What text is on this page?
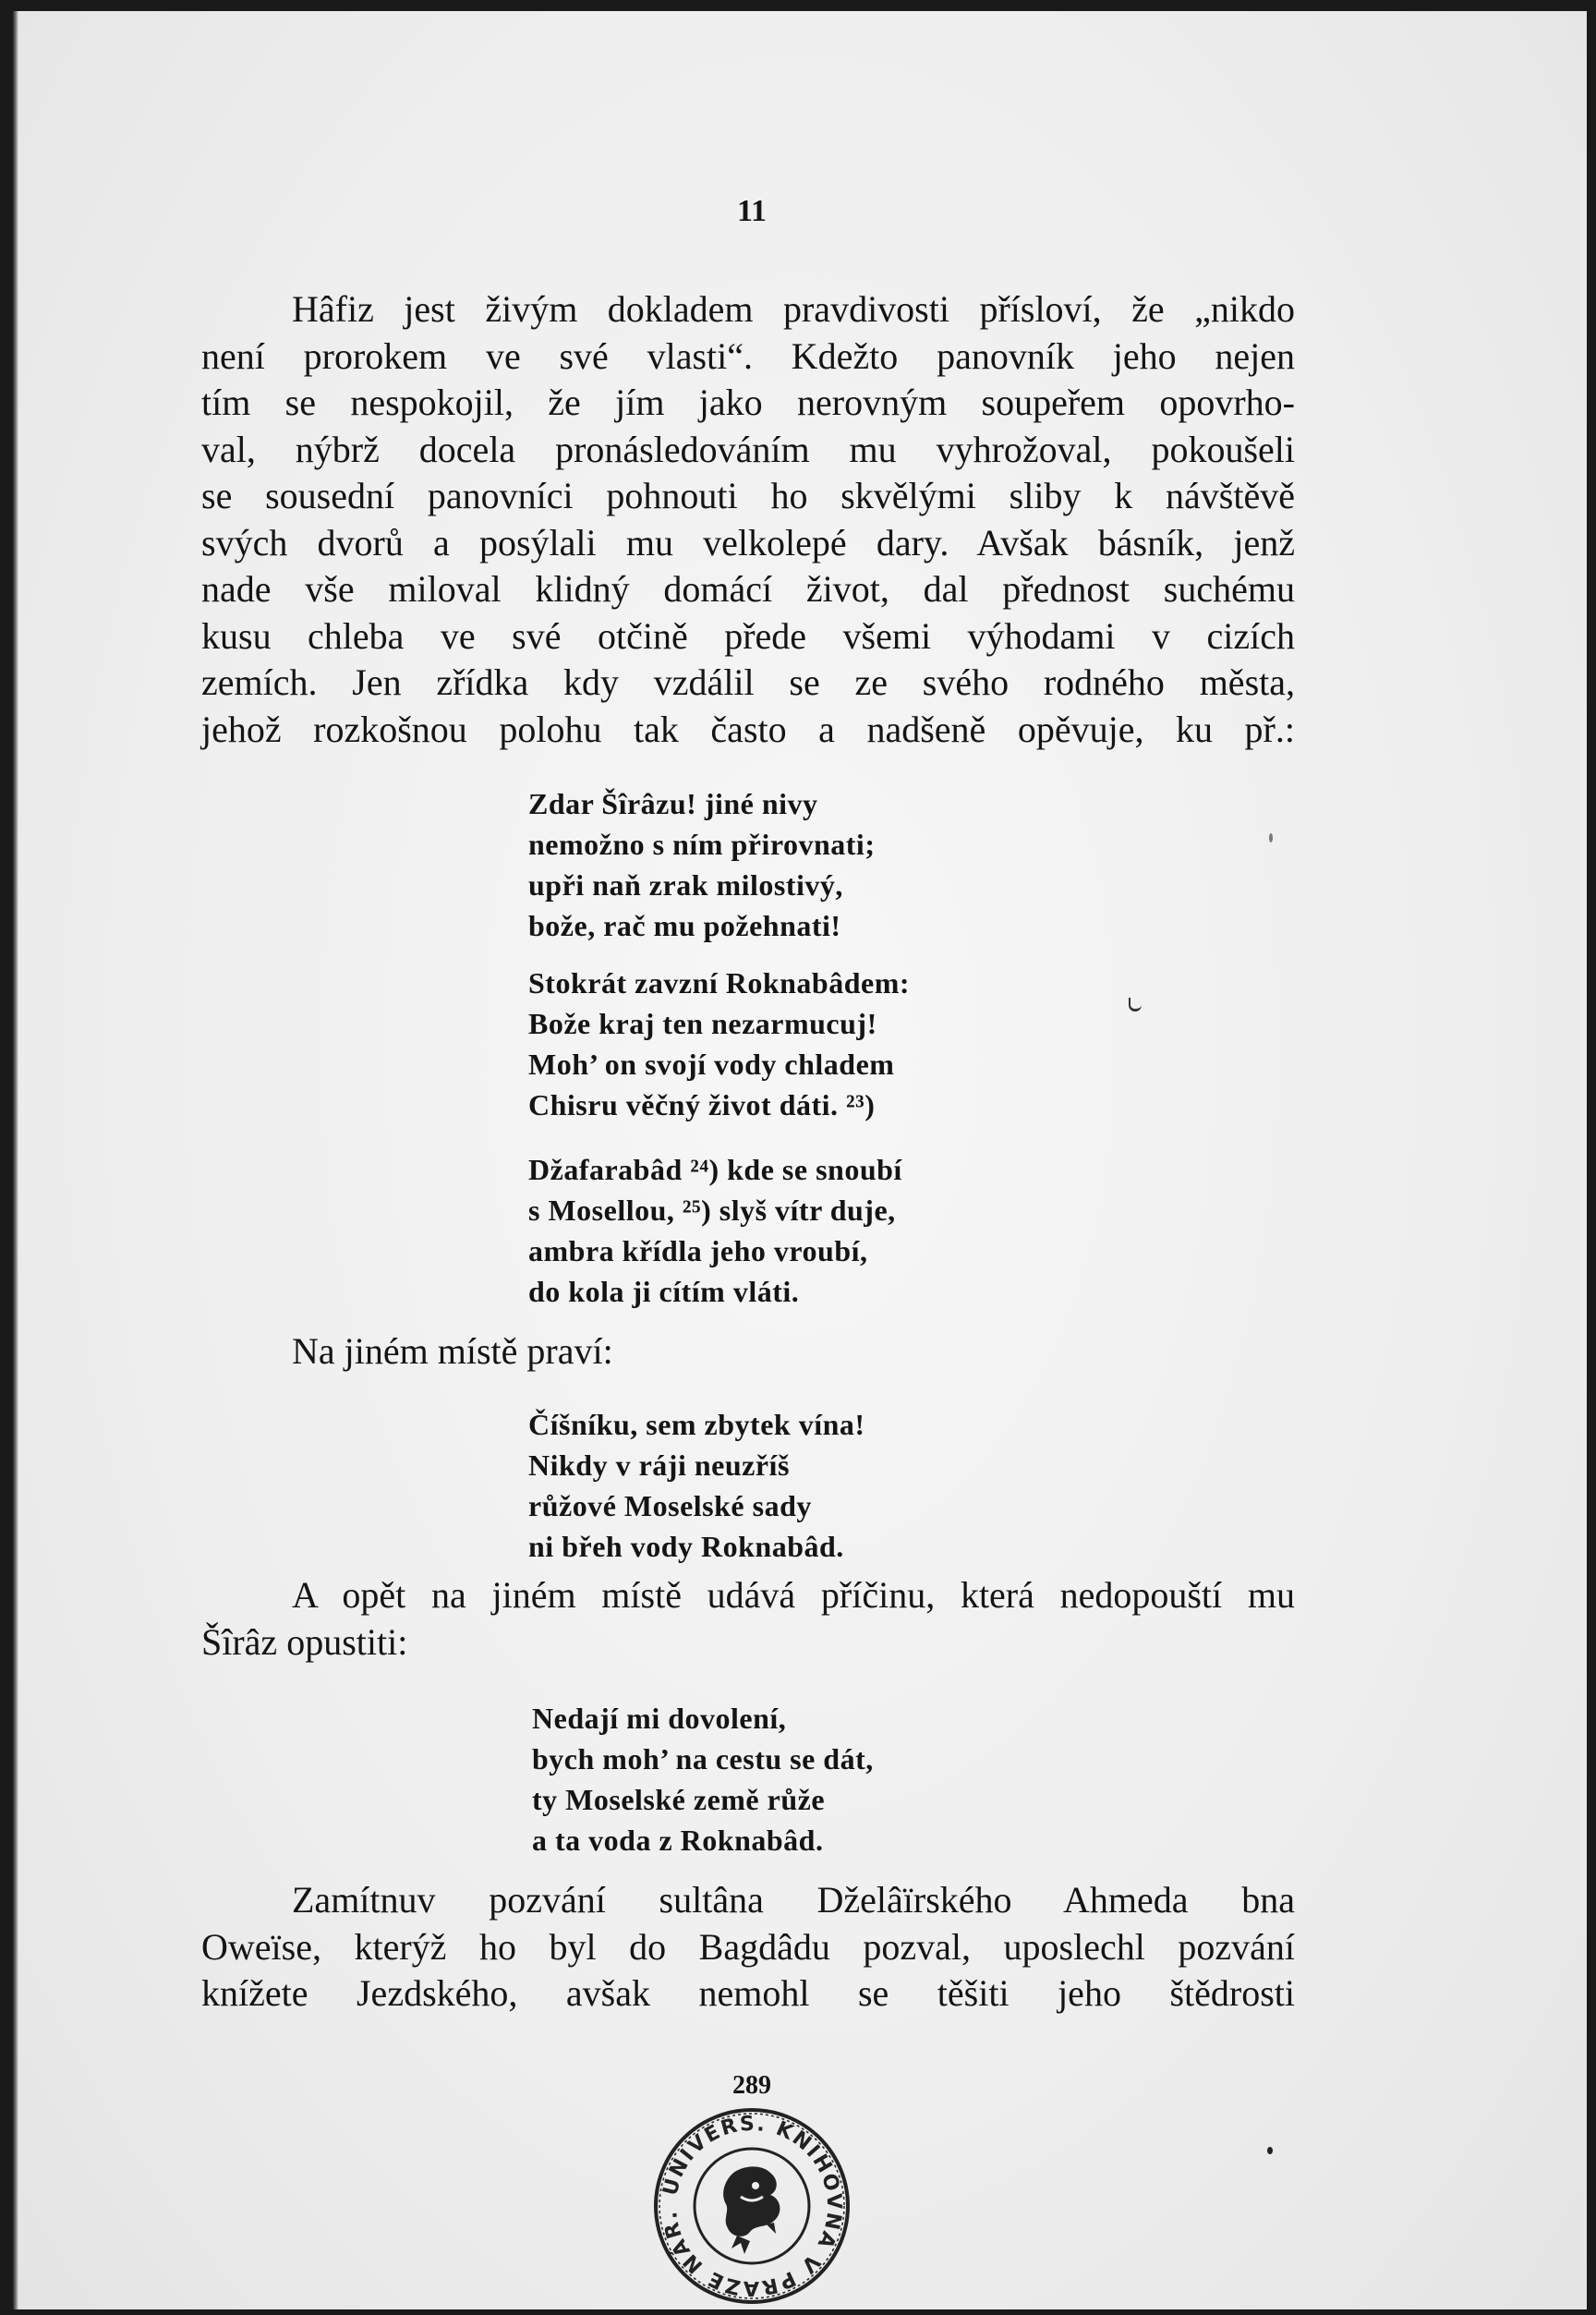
11
Hâfiz jest živým dokladem pravdivosti přísloví, že „nikdo
není prorokem ve své vlasti“. Kdežto panovník jeho nejen
tím se nespokojil, že jím jako nerovným soupeřem opovrho-
val, nýbrž docela pronásledováním mu vyhrožoval, pokoušeli
se sousední panovníci pohnouti ho skvělými sliby k návštěvě
svých dvorů a posýlali mu velkolepé dary. Avšak básník, jenž
nade vše miloval klidný domácí život, dal přednost suchému
kusu chleba ve své otčině přede všemi výhodami v cizích
zemích. Jen zřídka kdy vzdálil se ze svého rodného města,
jehož rozkošnou polohu tak často a nadšeně opěvuje, ku př.:
Zdar Šîrâzu! jiné nivy
nemožno s ním přirovnati;
upři naň zrak milostivý,
bože, rač mu požehnati!
Stokrát zavzní Roknabâdem:
Bože kraj ten nezarmucuj!
Moh’ on svojí vody chladem
Chisru věčný život dáti. ²³)
Džafarabâd ²⁴) kde se snoubí
s Mosellou, ²⁵) slyš vítr duje,
ambra křídla jeho vroubí,
do kola ji cítím vláti.
Na jiném místě praví:
Číšníku, sem zbytek vína!
Nikdy v ráji neuzříš
růžové Moselské sady
ni břeh vody Roknabâd.
A opět na jiném místě udává příčinu, která nedopouští mu
Šîrâz opustiti:
Nedají mi dovolení,
bych moh’ na cestu se dát,
ty Moselské země růže
a ta voda z Roknabâd.
Zamítnuv pozvání sultâna Dželâïrského Ahmeda bna
Oweïse, kterýž ho byl do Bagdâdu pozval, uposlechl pozvání
knížete Jezdského, avšak nemohl se těšiti jeho štědrosti
289
UNIVERS. KNIHOVNA V PRAZE NÁR.
